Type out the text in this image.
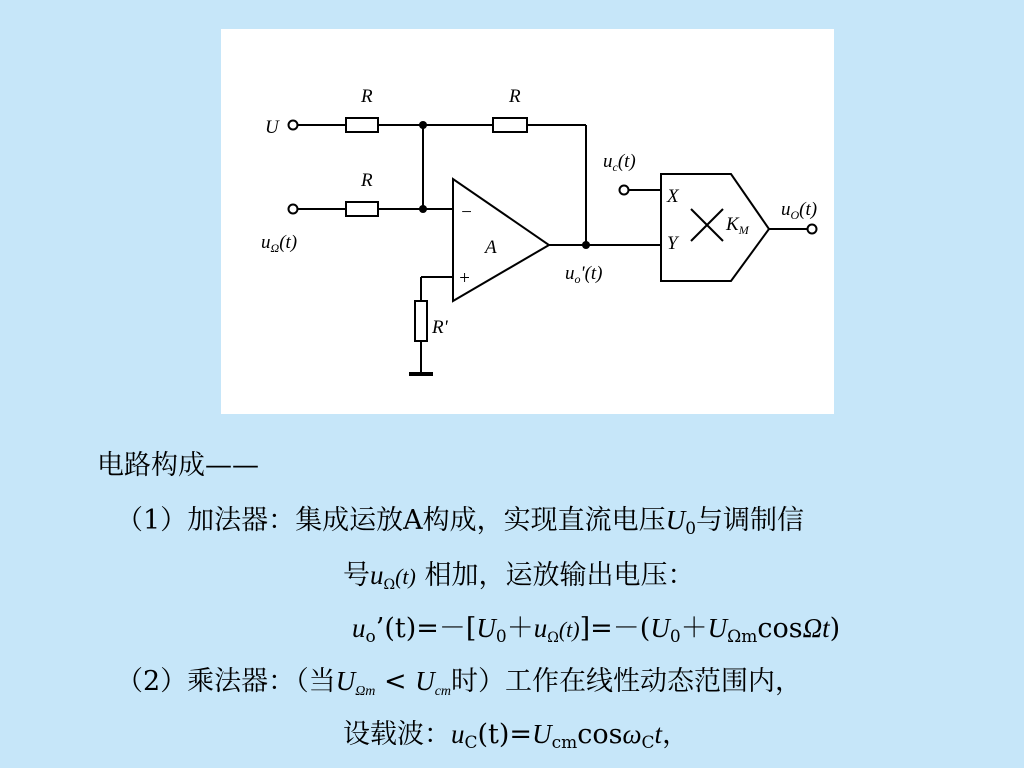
U
R	R
R
$u_\Omega(t)$
R'
A
−
+	$u_o'(t)$
$u_c(t)$
X
Y
$K_M$
$u_O(t)$
电路构成——
（1）加法器：集成运放A构成，实现直流电压$U_0$与调制信
号$u_\Omega(t)$ 相加，运放输出电压：
$u_o’(t)=-[U_0+u_\Omega(t)]=-(U_0+U_{\Omega m}\cos\Omega t)$
（2）乘法器：（当$U_{\Omega m} < U_{cm}$时）工作在线性动态范围内，
设载波：$u_C(t)=U_{cm}\cos\omega_Ct$，
